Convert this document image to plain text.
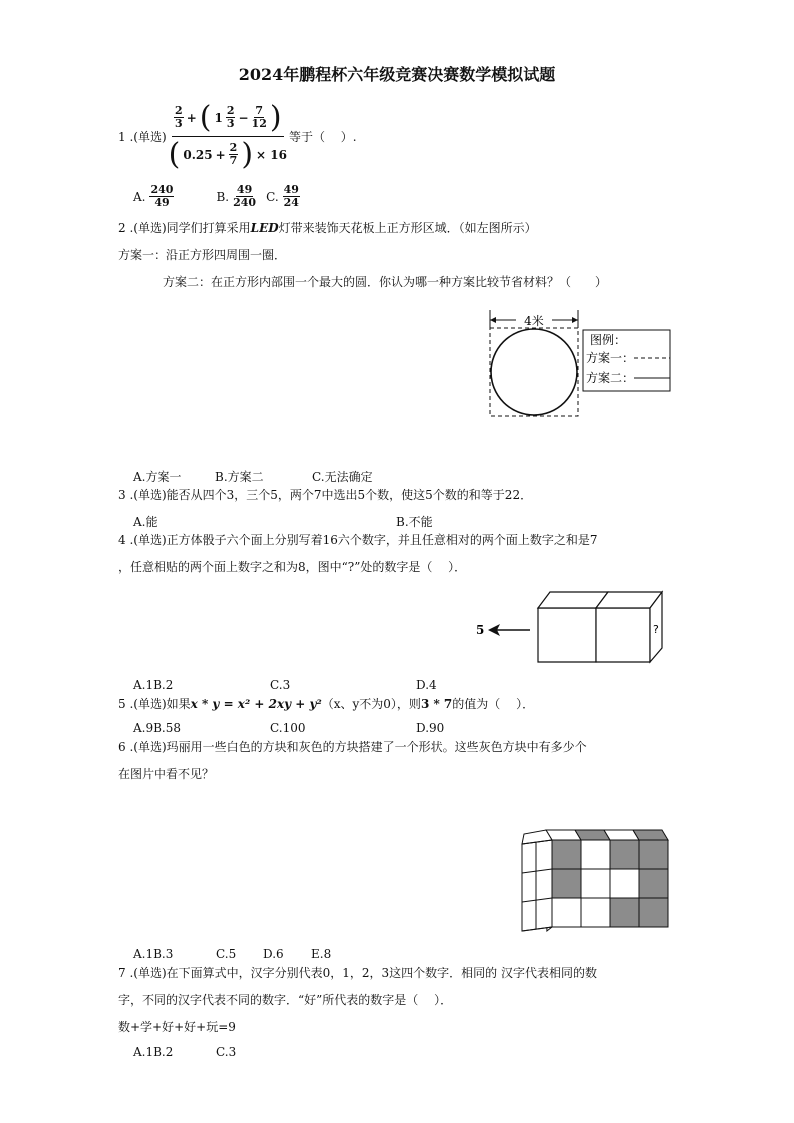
2024年鹏程杯六年级竞赛决赛数学模拟试题
1 .(单选)
$\frac{2}{3}$ + ( $1 \frac{2}{3} - \frac{7}{12}$ )
( $0.25 + \frac{2}{7}$ ) × 16
等于（　 ）.
A. $\frac{240}{49}$	B. $\frac{49}{240} C$. $\frac{49}{24}$
2 .(单选)同学们打算采用LED灯带来装饰天花板上正方形区域．（如左图所示）
方案一：沿正方形四周围一圈．
方案二：在正方形内部围一个最大的圆．你认为哪一种方案比较节省材料？（　　）
4米
图例：
方案一：
方案二：
A.方案一	B.方案二	C.无法确定
3 .(单选)能否从四个3，三个5，两个7中选出5个数，使这5个数的和等于22．
A.能	B.不能
4 .(单选)正方体骰子六个面上分别写着16六个数字，并且任意相对的两个面上数字之和是7
，任意相贴的两个面上数字之和为8，图中“?”处的数字是（　 ）．
5	?
A.1B.2	C.3	D.4
5 .(单选)如果x * y = x² + 2xy + y²（x、y不为0），则3 * 7的值为（　 ）．
A.9B.58	C.100	D.90
6 .(单选)玛丽用一些白色的方块和灰色的方块搭建了一个形状。这些灰色方块中有多少个
在图片中看不见？
A.1B.3	C.5 D.6 E.8
7 .(单选)在下面算式中，汉字分别代表0，1，2，3这四个数字．相同的 汉字代表相同的数
字，不同的汉字代表不同的数字．“好”所代表的数字是（　 ）．
数+学+好+好+玩=9
A.1B.2	C.3
